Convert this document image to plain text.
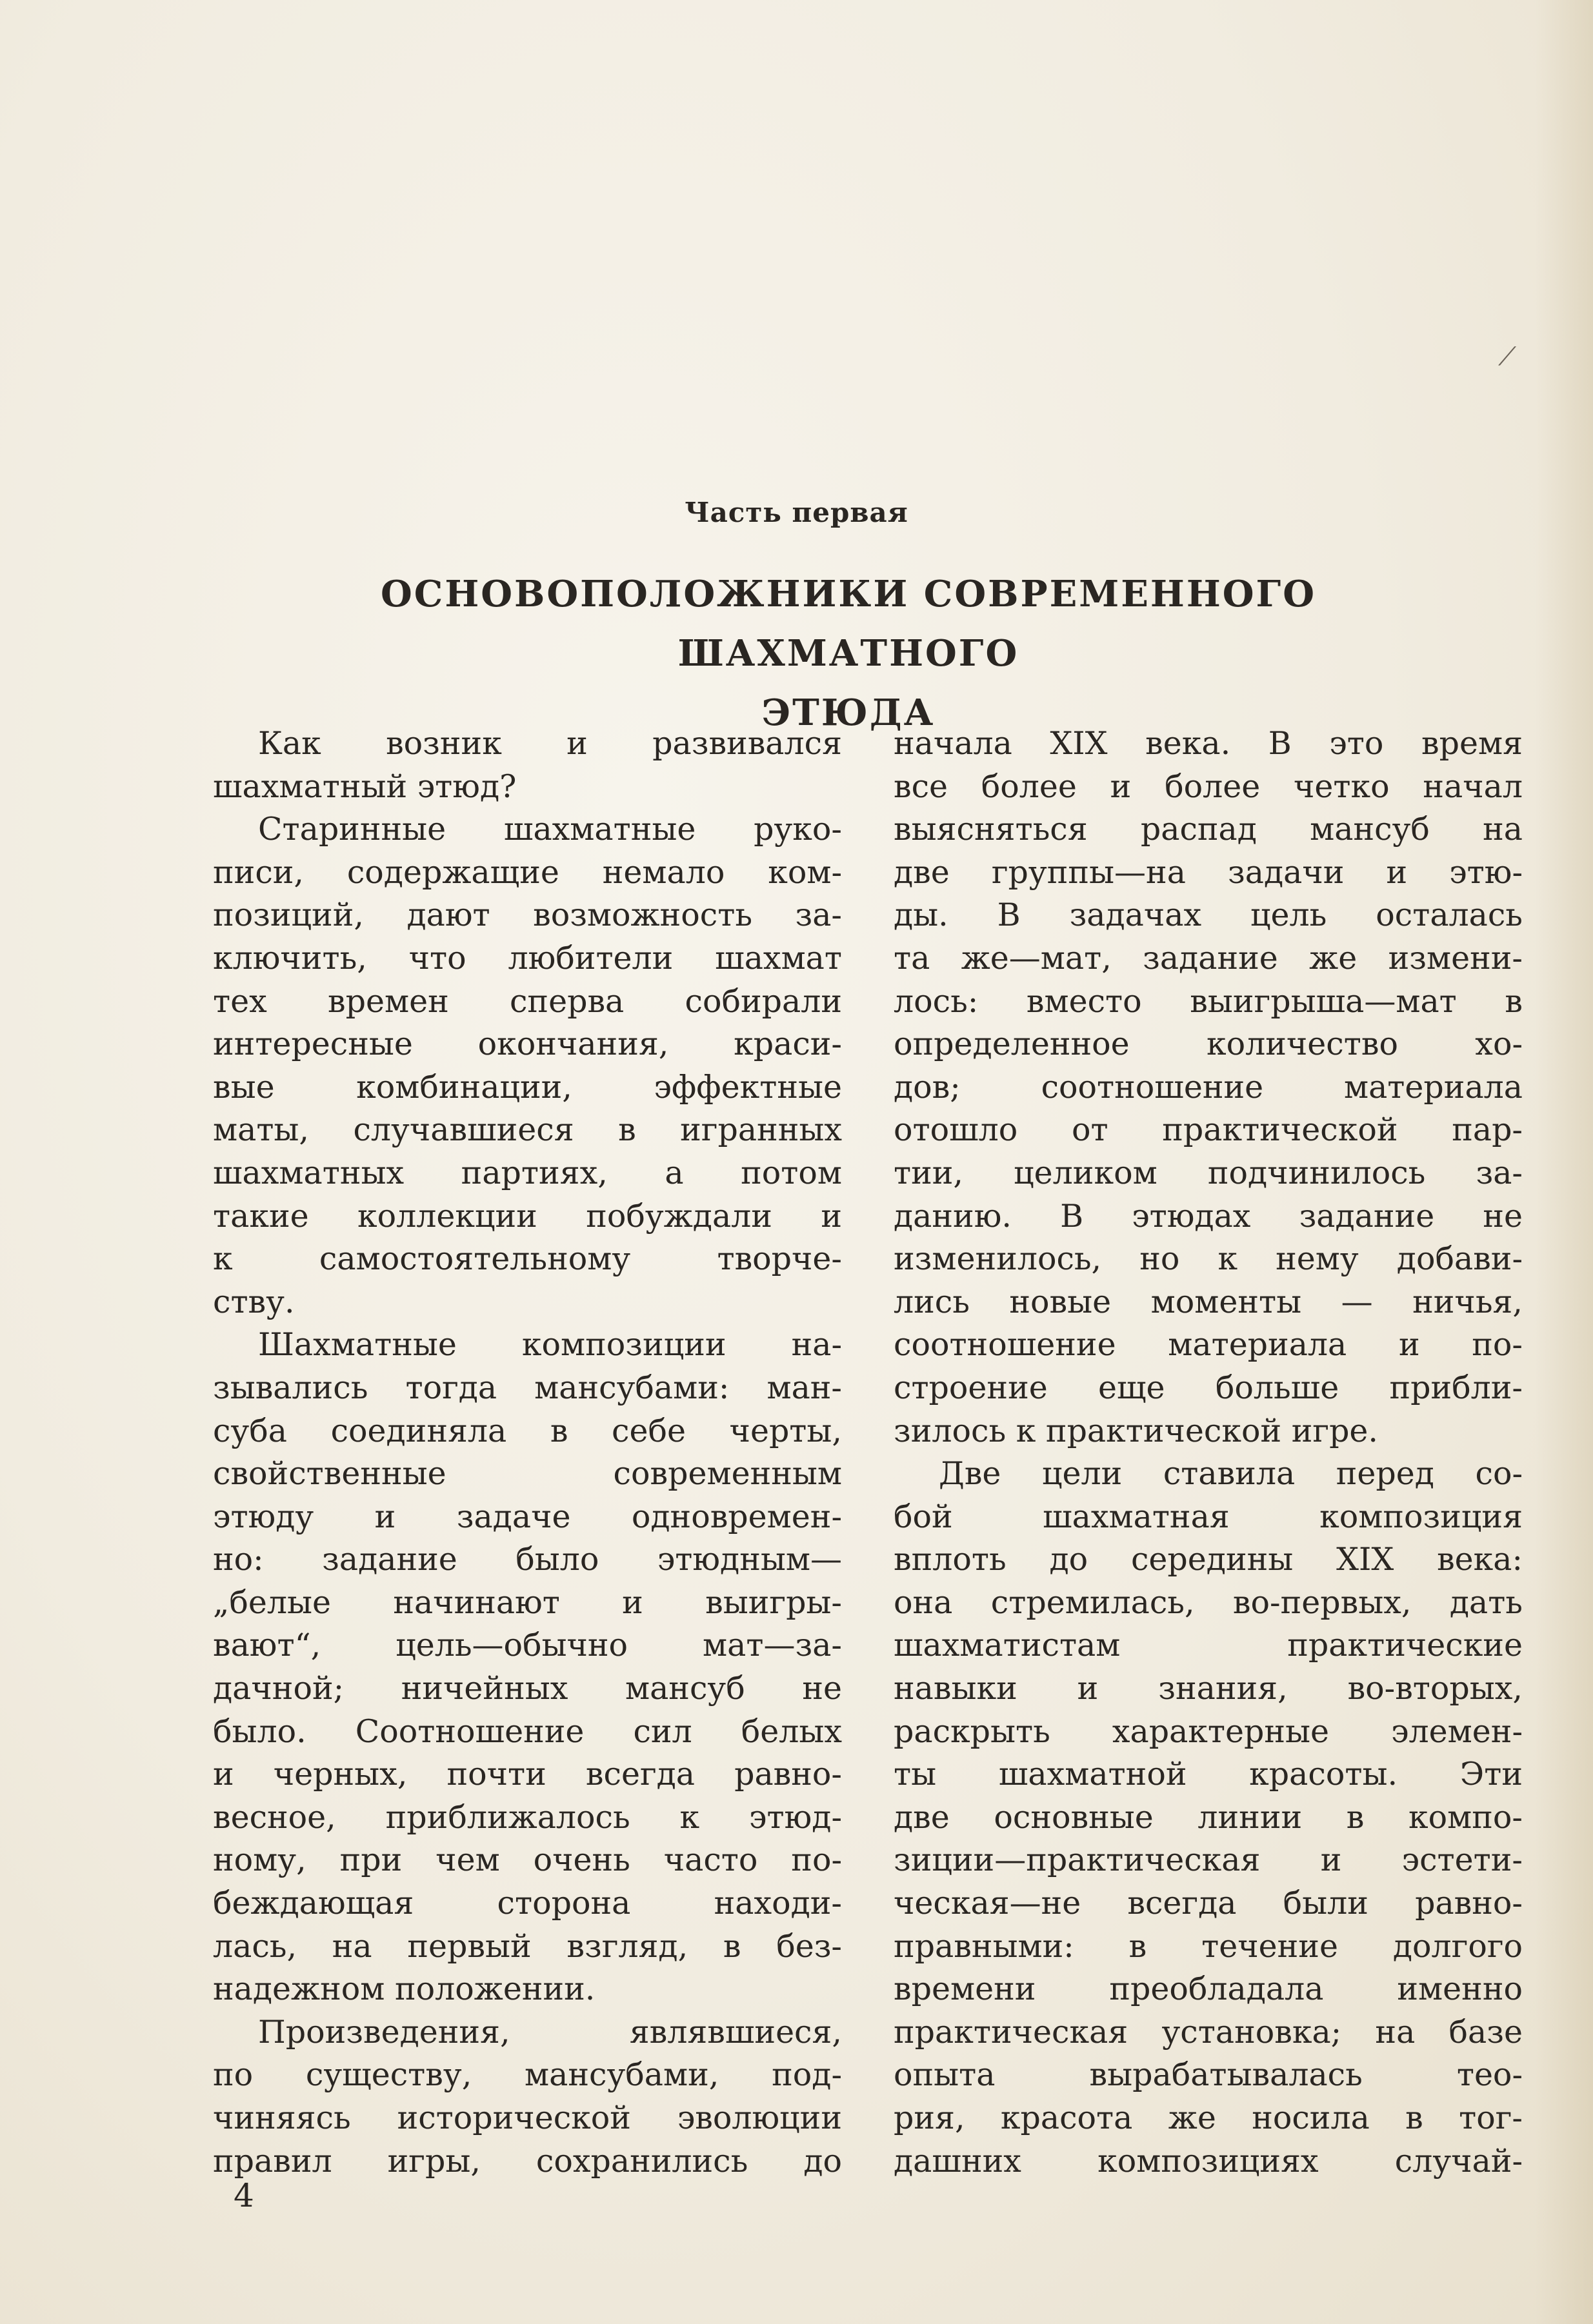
⟋
Часть первая
ОСНОВОПОЛОЖНИКИ СОВРЕМЕННОГО ШАХМАТНОГО
ЭТЮДА
Как возник и развивался
шахматный этюд?
Старинные шахматные руко-
писи, содержащие немало ком-
позиций, дают возможность за-
ключить, что любители шахмат
тех времен сперва собирали
интересные окончания, краси-
вые комбинации, эффектные
маты, случавшиеся в игранных
шахматных партиях, а потом
такие коллекции побуждали и
к самостоятельному творче-
ству.
Шахматные композиции на-
зывались тогда мансубами: ман-
суба соединяла в себе черты,
свойственные современным
этюду и задаче одновремен-
но: задание было этюдным—
„белые начинают и выигры-
вают“, цель—обычно мат—за-
дачной; ничейных мансуб не
было. Соотношение сил белых
и черных, почти всегда равно-
весное, приближалось к этюд-
ному, при чем очень часто по-
беждающая сторона находи-
лась, на первый взгляд, в без-
надежном положении.
Произведения, являвшиеся,
по существу, мансубами, под-
чиняясь исторической эволюции
правил игры, сохранились до
начала XIX века. В это время
все более и более четко начал
выясняться распад мансуб на
две группы—на задачи и этю-
ды. В задачах цель осталась
та же—мат, задание же измени-
лось: вместо выигрыша—мат в
определенное количество хо-
дов; соотношение материала
отошло от практической пар-
тии, целиком подчинилось за-
данию. В этюдах задание не
изменилось, но к нему добави-
лись новые моменты — ничья,
соотношение материала и по-
строение еще больше прибли-
зилось к практической игре.
Две цели ставила перед со-
бой шахматная композиция
вплоть до середины XIX века:
она стремилась, во-первых, дать
шахматистам практические
навыки и знания, во-вторых,
раскрыть характерные элемен-
ты шахматной красоты. Эти
две основные линии в компо-
зиции—практическая и эстети-
ческая—не всегда были равно-
правными: в течение долгого
времени преобладала именно
практическая установка; на базе
опыта вырабатывалась тео-
рия, красота же носила в тог-
дашних композициях случай-
4
